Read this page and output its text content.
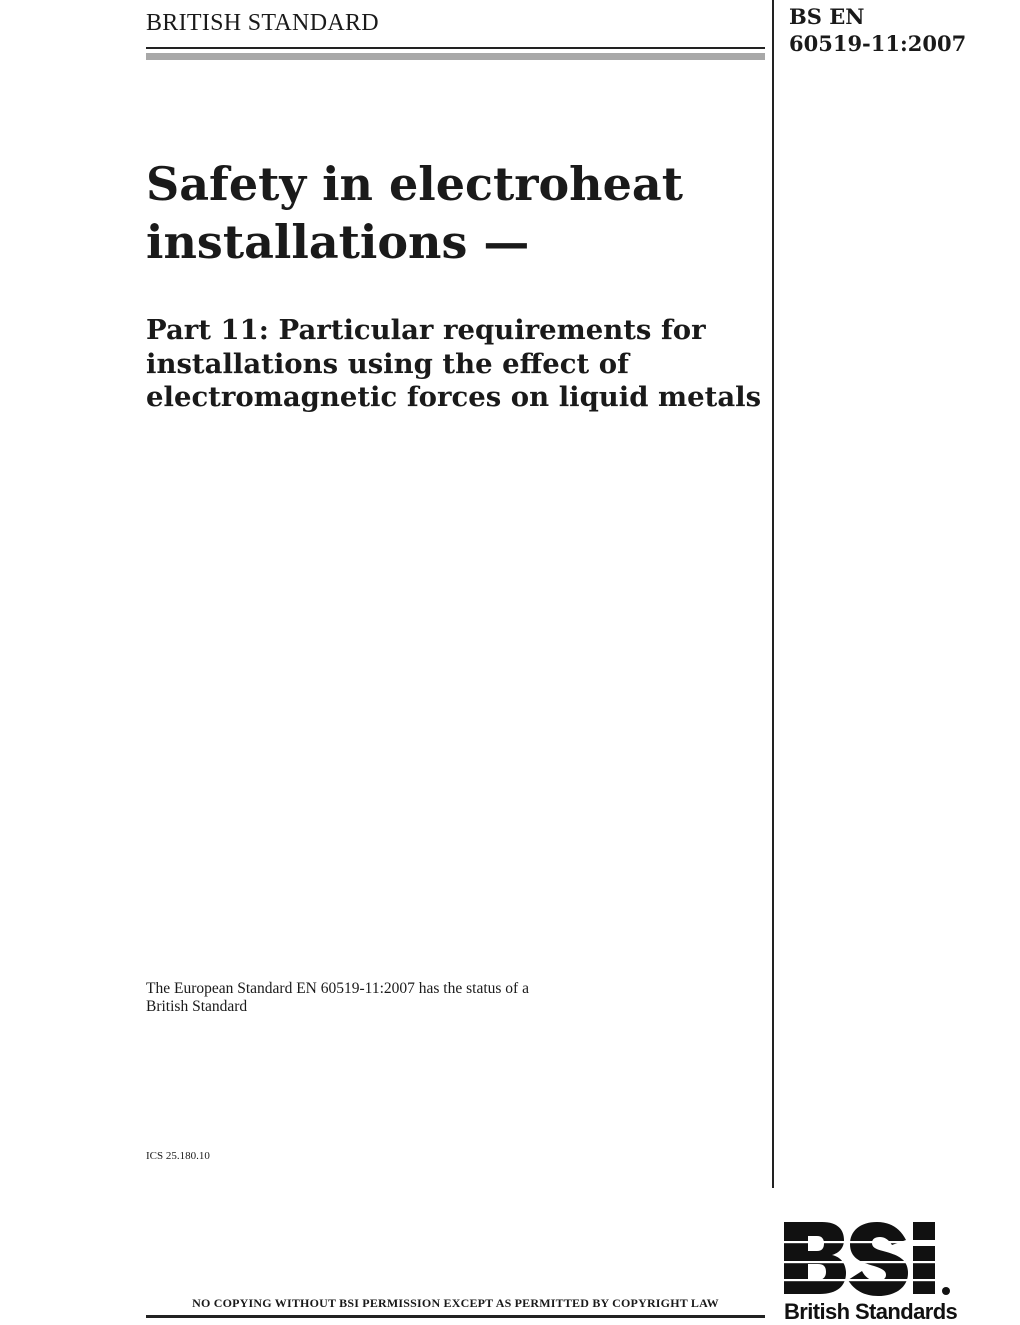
BRITISH STANDARD	BS EN
60519-11:2007
Safety in electroheat
installations —
Part 11: Particular requirements for
installations using the effect of
electromagnetic forces on liquid metals
The European Standard EN 60519-11:2007 has the status of a
British Standard
ICS 25.180.10
NO COPYING WITHOUT BSI PERMISSION EXCEPT AS PERMITTED BY COPYRIGHT LAW	British Standards
